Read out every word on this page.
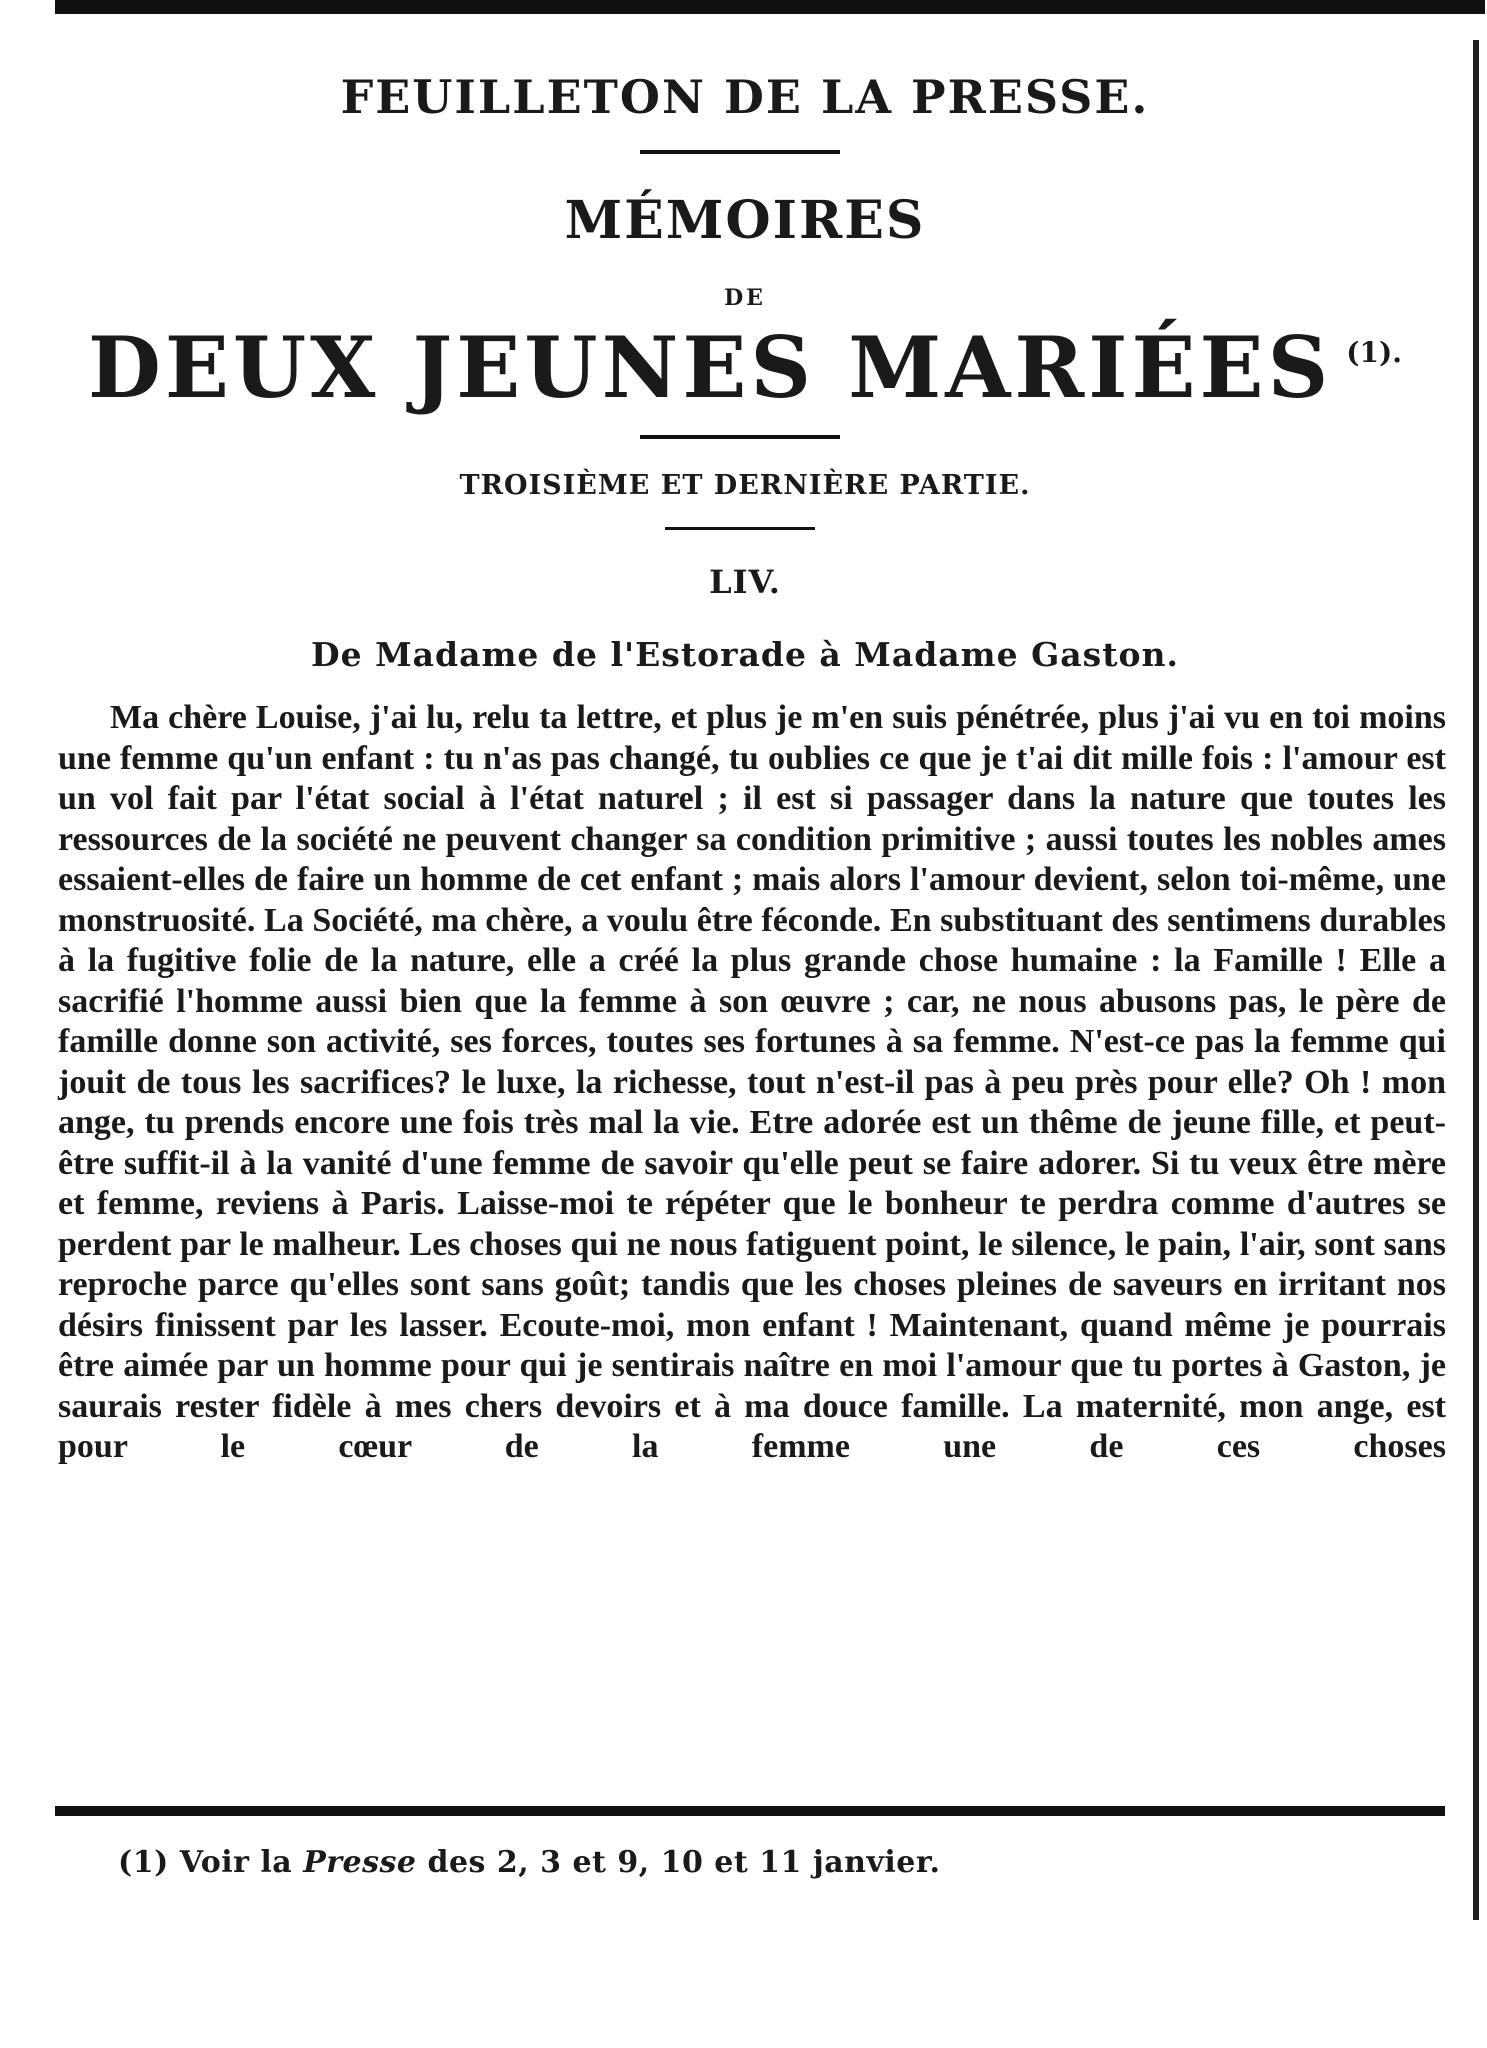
FEUILLETON DE LA PRESSE.
MÉMOIRES
DE
DEUX JEUNES MARIÉES $^{(1).}$
TROISIÈME ET DERNIÈRE PARTIE.
LIV.
De Madame de l'Estorade à Madame Gaston.
Ma chère Louise, j'ai lu, relu ta lettre, et plus je m'en suis pénétrée, plus j'ai vu en toi moins une femme qu'un enfant : tu n'as pas changé, tu oublies ce que je t'ai dit mille fois : l'amour est un vol fait par l'état social à l'état naturel ; il est si passager dans la nature que toutes les ressources de la société ne peuvent changer sa condition primitive ; aussi toutes les nobles ames essaient-elles de faire un homme de cet enfant ; mais alors l'amour devient, selon toi-même, une monstruosité. La Société, ma chère, a voulu être féconde. En substituant des sentimens durables à la fugitive folie de la nature, elle a créé la plus grande chose humaine : la Famille ! Elle a sacrifié l'homme aussi bien que la femme à son œuvre ; car, ne nous abusons pas, le père de famille donne son activité, ses forces, toutes ses fortunes à sa femme. N'est-ce pas la femme qui jouit de tous les sacrifices? le luxe, la richesse, tout n'est-il pas à peu près pour elle? Oh ! mon ange, tu prends encore une fois très mal la vie. Etre adorée est un thême de jeune fille, et peut-être suffit-il à la vanité d'une femme de savoir qu'elle peut se faire adorer. Si tu veux être mère et femme, reviens à Paris. Laisse-moi te répéter que le bonheur te perdra comme d'autres se perdent par le malheur. Les choses qui ne nous fatiguent point, le silence, le pain, l'air, sont sans reproche parce qu'elles sont sans goût; tandis que les choses pleines de saveurs en irritant nos désirs finissent par les lasser. Ecoute-moi, mon enfant ! Maintenant, quand même je pourrais être aimée par un homme pour qui je sentirais naître en moi l'amour que tu portes à Gaston, je saurais rester fidèle à mes chers devoirs et à ma douce famille. La maternité, mon ange, est pour le cœur de la femme une de ces choses
(1) Voir la Presse des 2, 3 et 9, 10 et 11 janvier.
